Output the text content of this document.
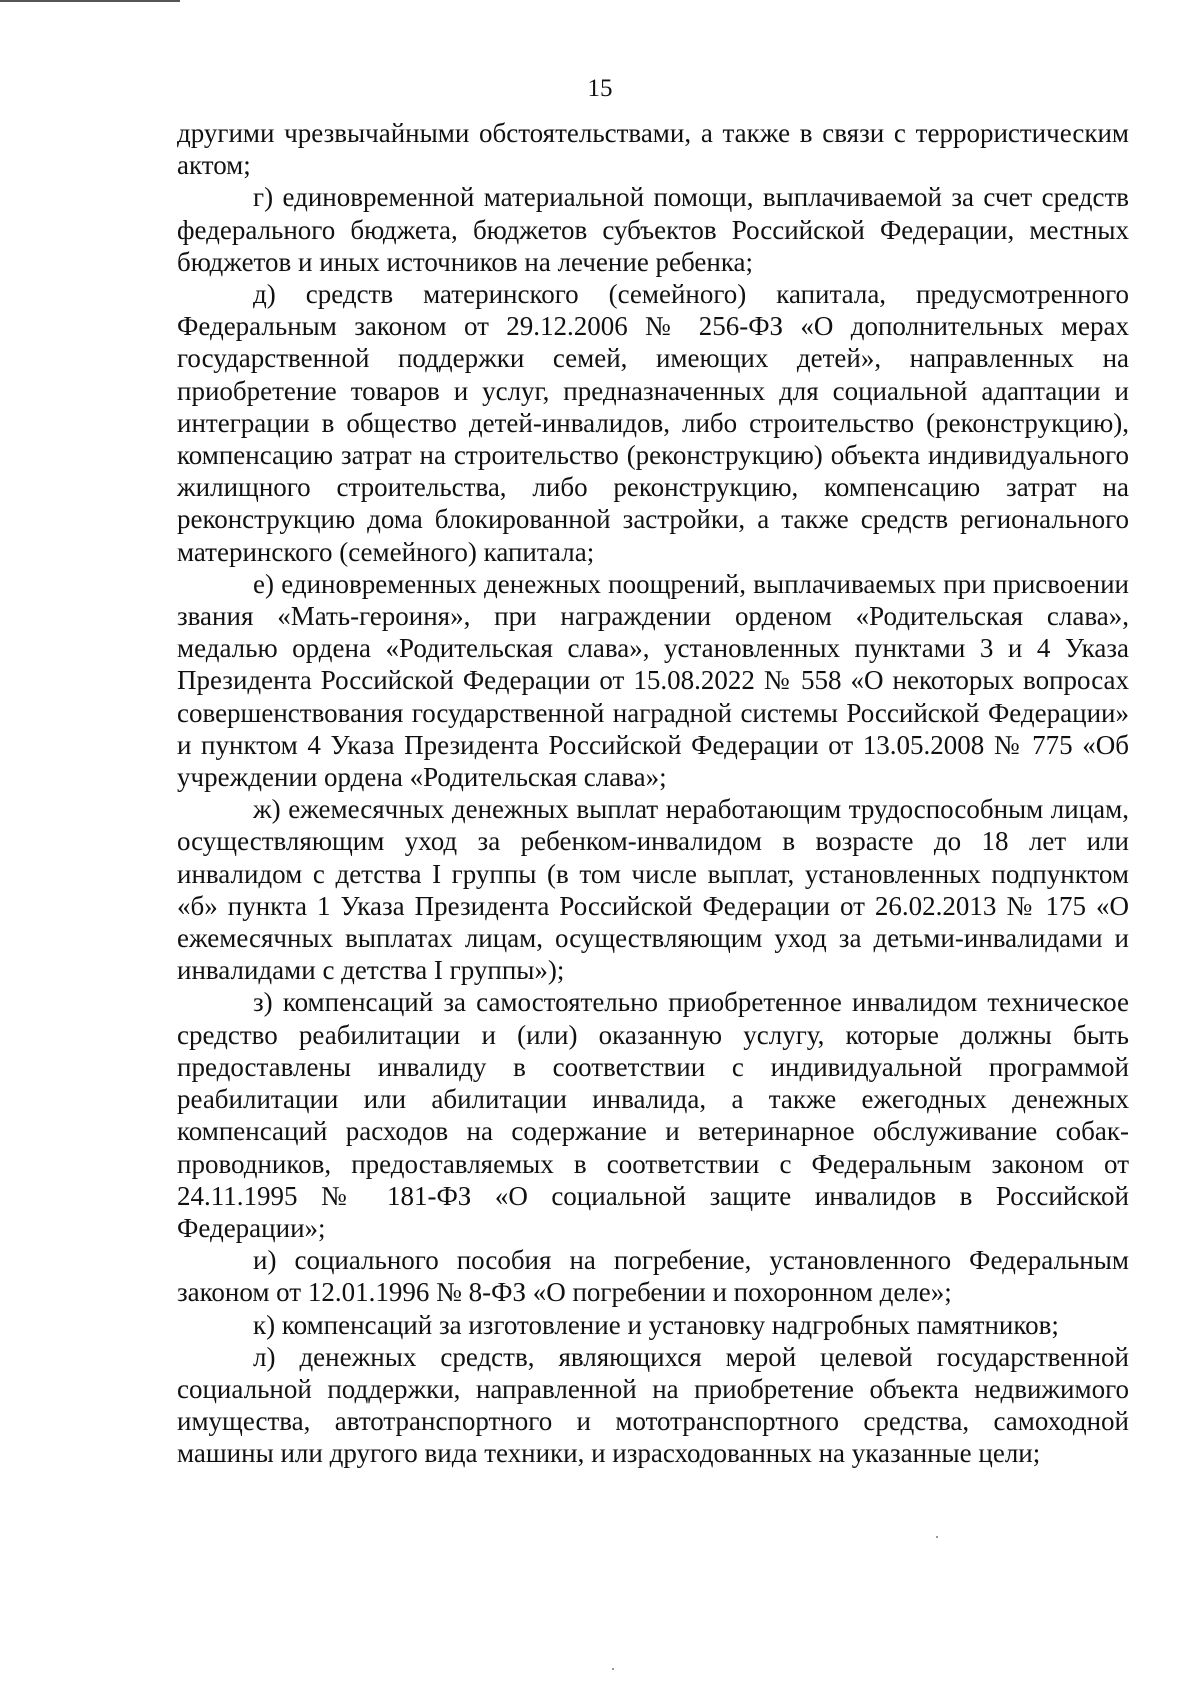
15

другими чрезвычайными обстоятельствами, а также в связи с террористическим актом;

г) единовременной материальной помощи, выплачиваемой за счет средств федерального бюджета, бюджетов субъектов Российской Федерации, местных бюджетов и иных источников на лечение ребенка;

д) средств материнского (семейного) капитала, предусмотренного Федеральным законом от 29.12.2006 № 256-ФЗ «О дополнительных мерах государственной поддержки семей, имеющих детей», направленных на приобретение товаров и услуг, предназначенных для социальной адаптации и интеграции в общество детей-инвалидов, либо строительство (реконструкцию), компенсацию затрат на строительство (реконструкцию) объекта индивидуального жилищного строительства, либо реконструкцию, компенсацию затрат на реконструкцию дома блокированной застройки, а также средств регионального материнского (семейного) капитала;

е) единовременных денежных поощрений, выплачиваемых при присвоении звания «Мать-героиня», при награждении орденом «Родительская слава», медалью ордена «Родительская слава», установленных пунктами 3 и 4 Указа Президента Российской Федерации от 15.08.2022 № 558 «О некоторых вопросах совершенствования государственной наградной системы Российской Федерации» и пунктом 4 Указа Президента Российской Федерации от 13.05.2008 № 775 «Об учреждении ордена «Родительская слава»;

ж) ежемесячных денежных выплат неработающим трудоспособным лицам, осуществляющим уход за ребенком-инвалидом в возрасте до 18 лет или инвалидом с детства I группы (в том числе выплат, установленных подпунктом «б» пункта 1 Указа Президента Российской Федерации от 26.02.2013 № 175 «О ежемесячных выплатах лицам, осуществляющим уход за детьми-инвалидами и инвалидами с детства I группы»);

з) компенсаций за самостоятельно приобретенное инвалидом техническое средство реабилитации и (или) оказанную услугу, которые должны быть предоставлены инвалиду в соответствии с индивидуальной программой реабилитации или абилитации инвалида, а также ежегодных денежных компенсаций расходов на содержание и ветеринарное обслуживание собак-проводников, предоставляемых в соответствии с Федеральным законом от 24.11.1995 № 181-ФЗ «О социальной защите инвалидов в Российской Федерации»;

и) социального пособия на погребение, установленного Федеральным законом от 12.01.1996 № 8-ФЗ «О погребении и похоронном деле»;

к) компенсаций за изготовление и установку надгробных памятников;

л) денежных средств, являющихся мерой целевой государственной социальной поддержки, направленной на приобретение объекта недвижимого имущества, автотранспортного и мототранспортного средства, самоходной машины или другого вида техники, и израсходованных на указанные цели;
